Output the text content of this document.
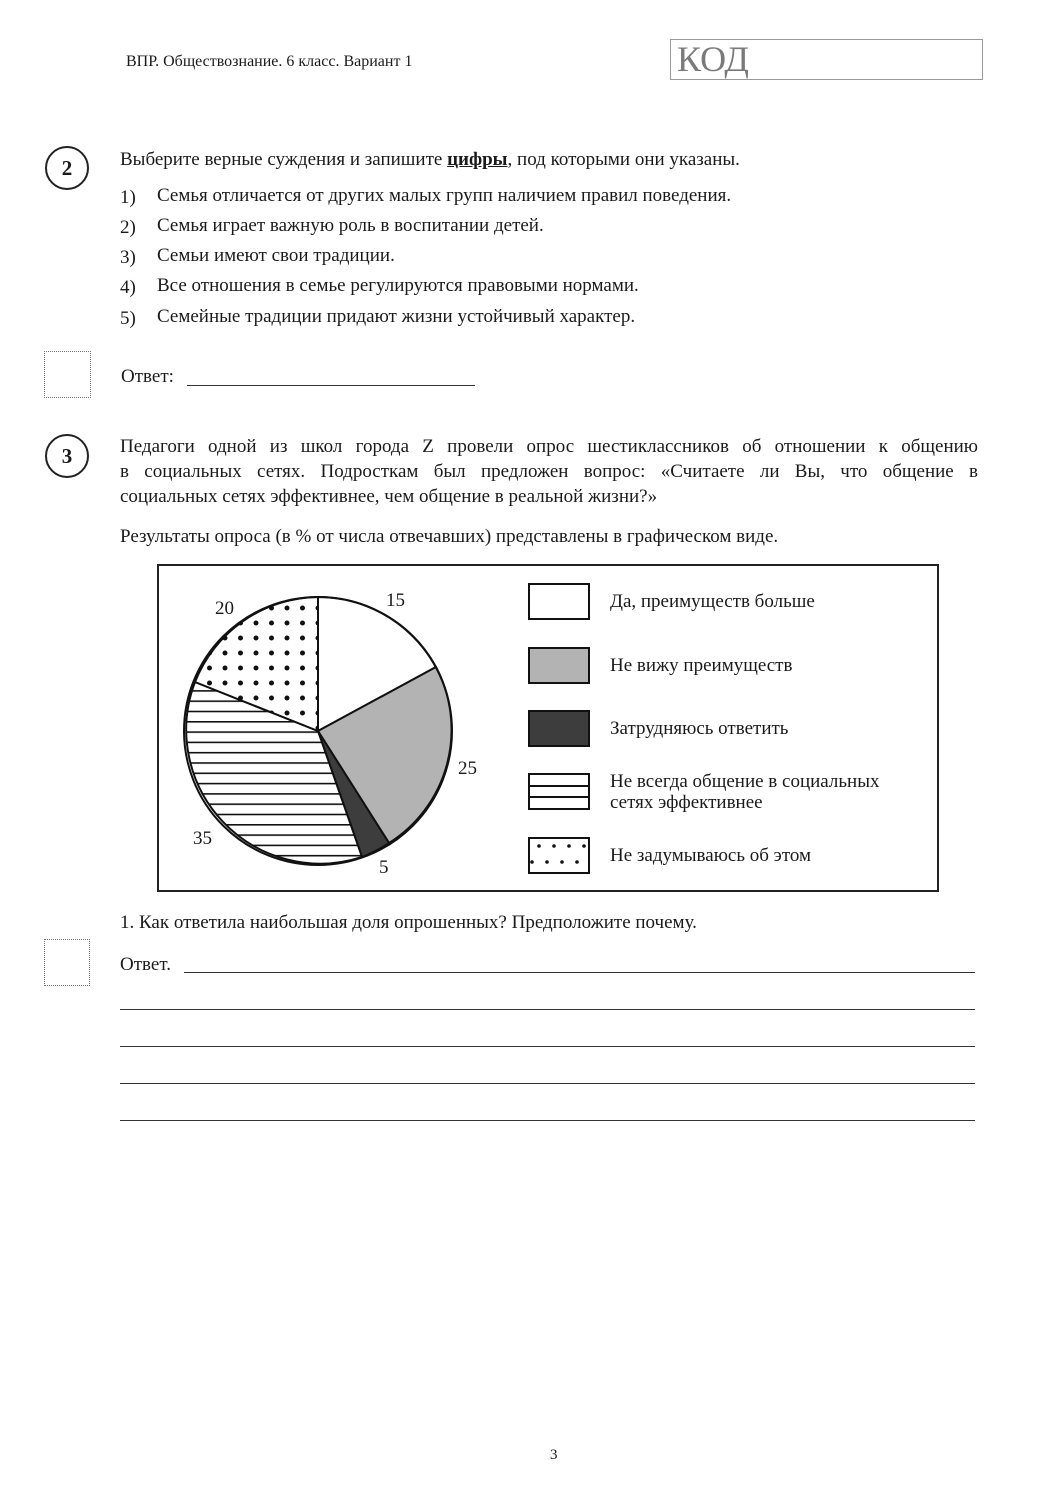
ВПР. Обществознание. 6 класс. Вариант 1	КОД
2	Выберите верные суждения и запишите цифры, под которыми они указаны.
1) Семья отличается от других малых групп наличием правил поведения.
2) Семья играет важную роль в воспитании детей.
3) Семьи имеют свои традиции.
4) Все отношения в семье регулируются правовыми нормами.
5) Семейные традиции придают жизни устойчивый характер.
Ответ:
3	Педагоги одной из школ города Z провели опрос шестиклассников об отношении к общению
в социальных сетях. Подросткам был предложен вопрос: «Считаете ли Вы, что общение в
социальных сетях эффективнее, чем общение в реальной жизни?»
Результаты опроса (в % от числа отвечавших) представлены в графическом виде.
15
25
5
35
20	Да, преимуществ больше
Не вижу преимуществ
Затрудняюсь ответить
Не всегда общение в социальных
сетях эффективнее
Не задумываюсь об этом
1. Как ответила наибольшая доля опрошенных? Предположите почему.
Ответ.
3
